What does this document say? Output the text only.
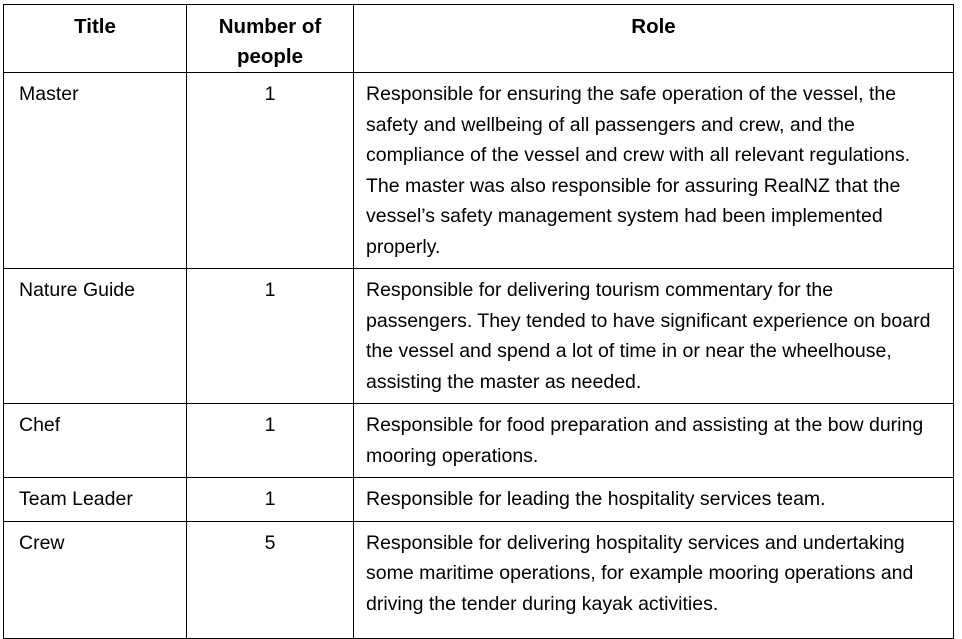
Title	Number of people	Role

Master	1	Responsible for ensuring the safe operation of the vessel, the safety and wellbeing of all passengers and crew, and the compliance of the vessel and crew with all relevant regulations. The master was also responsible for assuring RealNZ that the vessel’s safety management system had been implemented properly.

Nature Guide	1	Responsible for delivering tourism commentary for the passengers. They tended to have significant experience on board the vessel and spend a lot of time in or near the wheelhouse, assisting the master as needed.

Chef	1	Responsible for food preparation and assisting at the bow during mooring operations.

Team Leader	1	Responsible for leading the hospitality services team.

Crew	5	Responsible for delivering hospitality services and undertaking some maritime operations, for example mooring operations and driving the tender during kayak activities.
